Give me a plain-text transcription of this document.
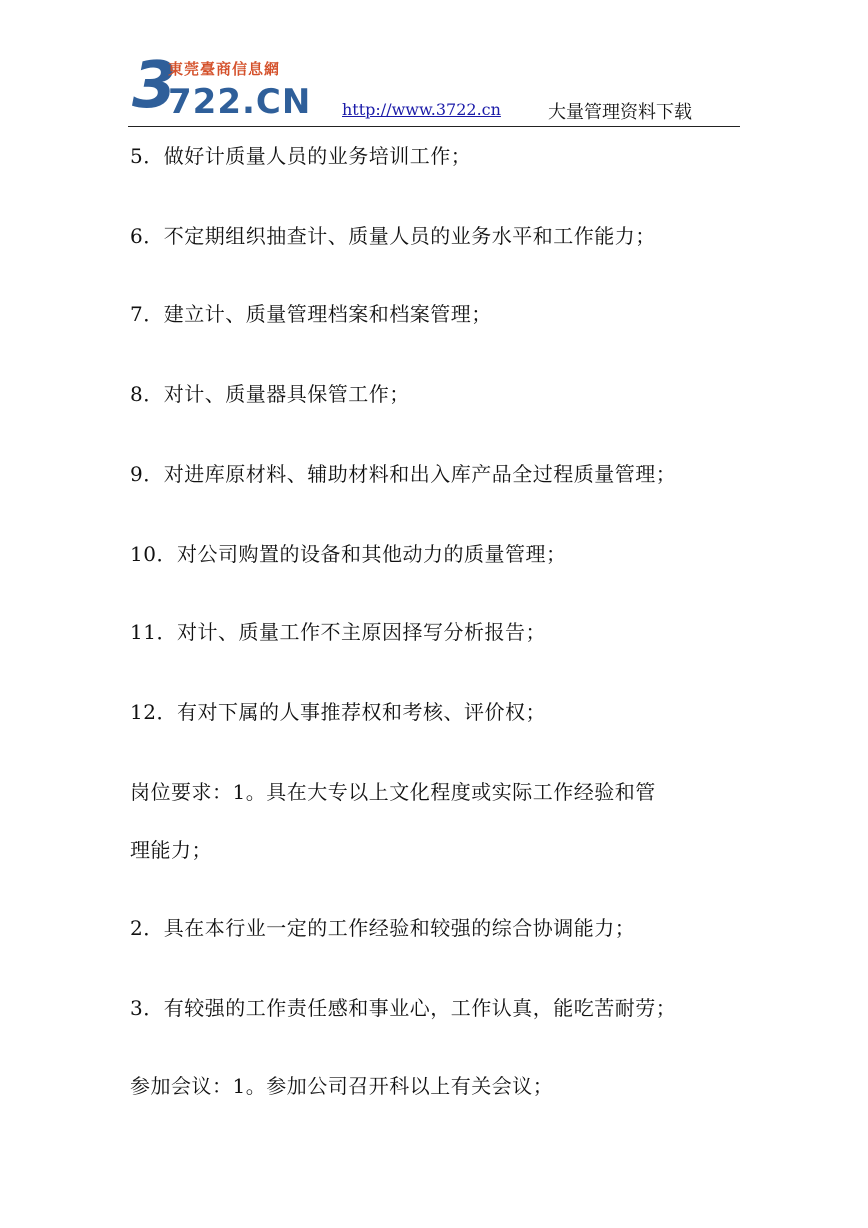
3
東莞臺商信息網
722.CN http://www.3722.cn	大量管理资料下载
5．做好计质量人员的业务培训工作；
6．不定期组织抽查计、质量人员的业务水平和工作能力；
7．建立计、质量管理档案和档案管理；
8．对计、质量器具保管工作；
9．对进库原材料、辅助材料和出入库产品全过程质量管理；
10．对公司购置的设备和其他动力的质量管理；
11．对计、质量工作不主原因择写分析报告；
12．有对下属的人事推荐权和考核、评价权；
岗位要求：1。具在大专以上文化程度或实际工作经验和管
理能力；
2．具在本行业一定的工作经验和较强的综合协调能力；
3．有较强的工作责任感和事业心，工作认真，能吃苦耐劳；
参加会议：1。参加公司召开科以上有关会议；
